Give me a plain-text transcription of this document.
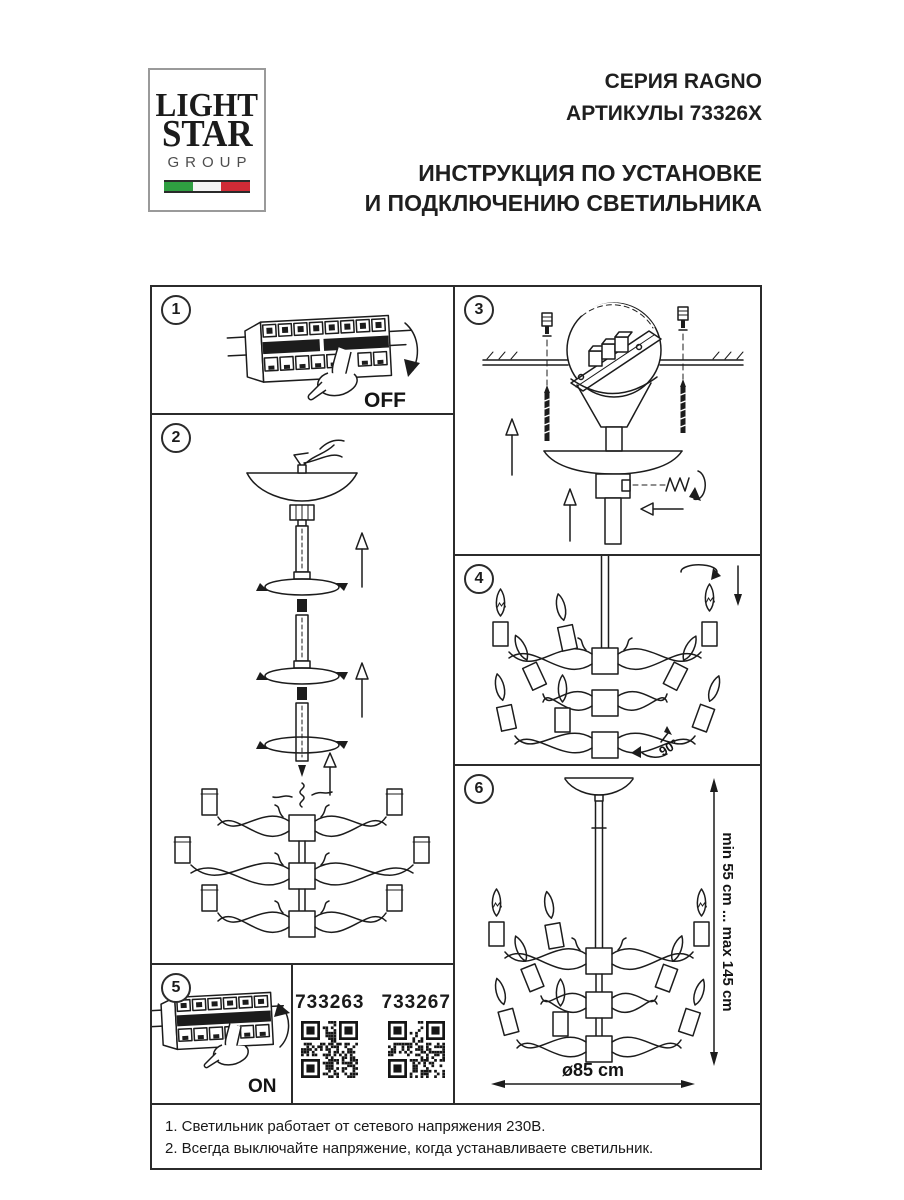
LIGHT
STAR
GROUP
СЕРИЯ RAGNO
АРТИКУЛЫ 73326X
ИНСТРУКЦИЯ ПО УСТАНОВКЕ
И ПОДКЛЮЧЕНИЮ СВЕТИЛЬНИКА
1
OFF
2
3
4
90°
5
ON
733263 733267
6
min 55 cm ... max 145 cm
ø85 cm
1. Светильник работает от сетевого напряжения 230В.
2. Всегда выключайте напряжение, когда устанавливаете светильник.
